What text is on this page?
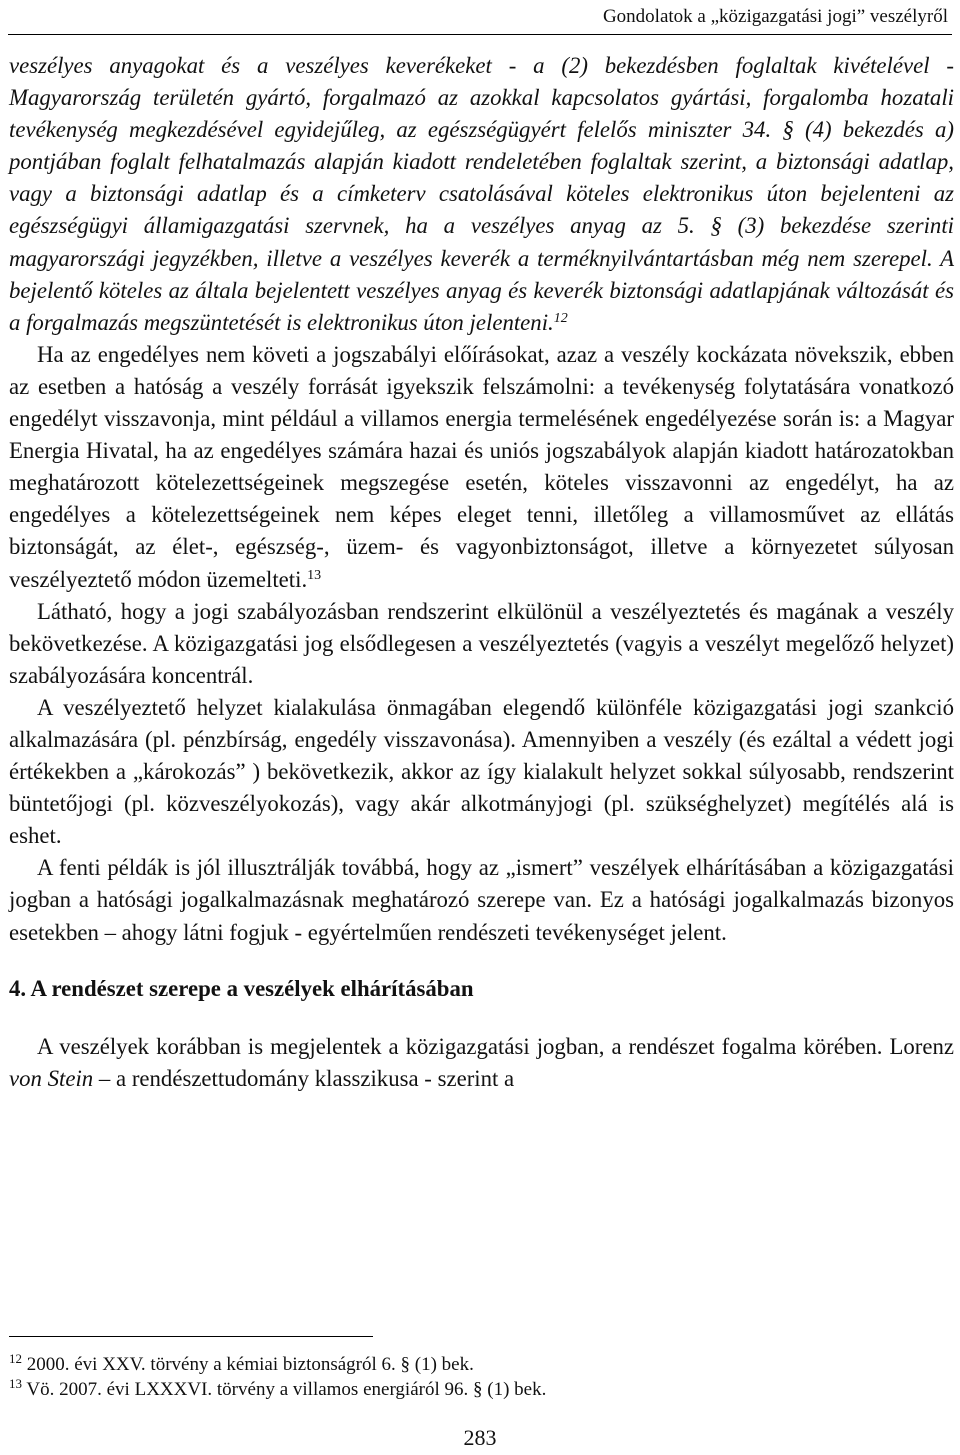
Gondolatok a „közigazgatási jogi” veszélyről

veszélyes anyagokat és a veszélyes keverékeket - a (2) bekezdésben foglaltak kivételével - Magyarország területén gyártó, forgalmazó az azokkal kapcsolatos gyártási, forgalomba hozatali tevékenység megkezdésével egyidejűleg, az egészségügyért felelős miniszter 34. § (4) bekezdés a) pontjában foglalt felhatalmazás alapján kiadott rendeletében foglaltak szerint, a biztonsági adatlap, vagy a biztonsági adatlap és a címketerv csatolásával köteles elektronikus úton bejelenteni az egészségügyi államigazgatási szervnek, ha a veszélyes anyag az 5. § (3) bekezdése szerinti magyarországi jegyzékben, illetve a veszélyes keverék a terméknyilvántartásban még nem szerepel. A bejelentő köteles az általa bejelentett veszélyes anyag és keverék biztonsági adatlapjának változását és a forgalmazás megszüntetését is elektronikus úton jelenteni.$^{12}$

Ha az engedélyes nem követi a jogszabályi előírásokat, azaz a veszély kockázata növekszik, ebben az esetben a hatóság a veszély forrását igyekszik felszámolni: a tevékenység folytatására vonatkozó engedélyt visszavonja, mint például a villamos energia termelésének engedélyezése során is: a Magyar Energia Hivatal, ha az engedélyes számára hazai és uniós jogszabályok alapján kiadott határozatokban meghatározott kötelezettségeinek megszegése esetén, köteles visszavonni az engedélyt, ha az engedélyes a kötelezettségeinek nem képes eleget tenni, illetőleg a villamosművet az ellátás biztonságát, az élet-, egészség-, üzem- és vagyonbiztonságot, illetve a környezetet súlyosan veszélyeztető módon üzemelteti.$^{13}$

Látható, hogy a jogi szabályozásban rendszerint elkülönül a veszélyeztetés és magának a veszély bekövetkezése. A közigazgatási jog elsődlegesen a veszélyeztetés (vagyis a veszélyt megelőző helyzet) szabályozására koncentrál.

A veszélyeztető helyzet kialakulása önmagában elegendő különféle közigazgatási jogi szankció alkalmazására (pl. pénzbírság, engedély visszavonása). Amennyiben a veszély (és ezáltal a védett jogi értékekben a „károkozás” ) bekövetkezik, akkor az így kialakult helyzet sokkal súlyosabb, rendszerint büntetőjogi (pl. közveszélyokozás), vagy akár alkotmányjogi (pl. szükséghelyzet) megítélés alá is eshet.

A fenti példák is jól illusztrálják továbbá, hogy az „ismert” veszélyek elhárításában a közigazgatási jogban a hatósági jogalkalmazásnak meghatározó szerepe van. Ez a hatósági jogalkalmazás bizonyos esetekben – ahogy látni fogjuk - egyértelműen rendészeti tevékenységet jelent.

4. A rendészet szerepe a veszélyek elhárításában

A veszélyek korábban is megjelentek a közigazgatási jogban, a rendészet fogalma körében. Lorenz von Stein – a rendészettudomány klasszikusa - szerint a

$^{12}$ 2000. évi XXV. törvény a kémiai biztonságról 6. § (1) bek.
$^{13}$ Vö. 2007. évi LXXXVI. törvény a villamos energiáról 96. § (1) bek.
283
